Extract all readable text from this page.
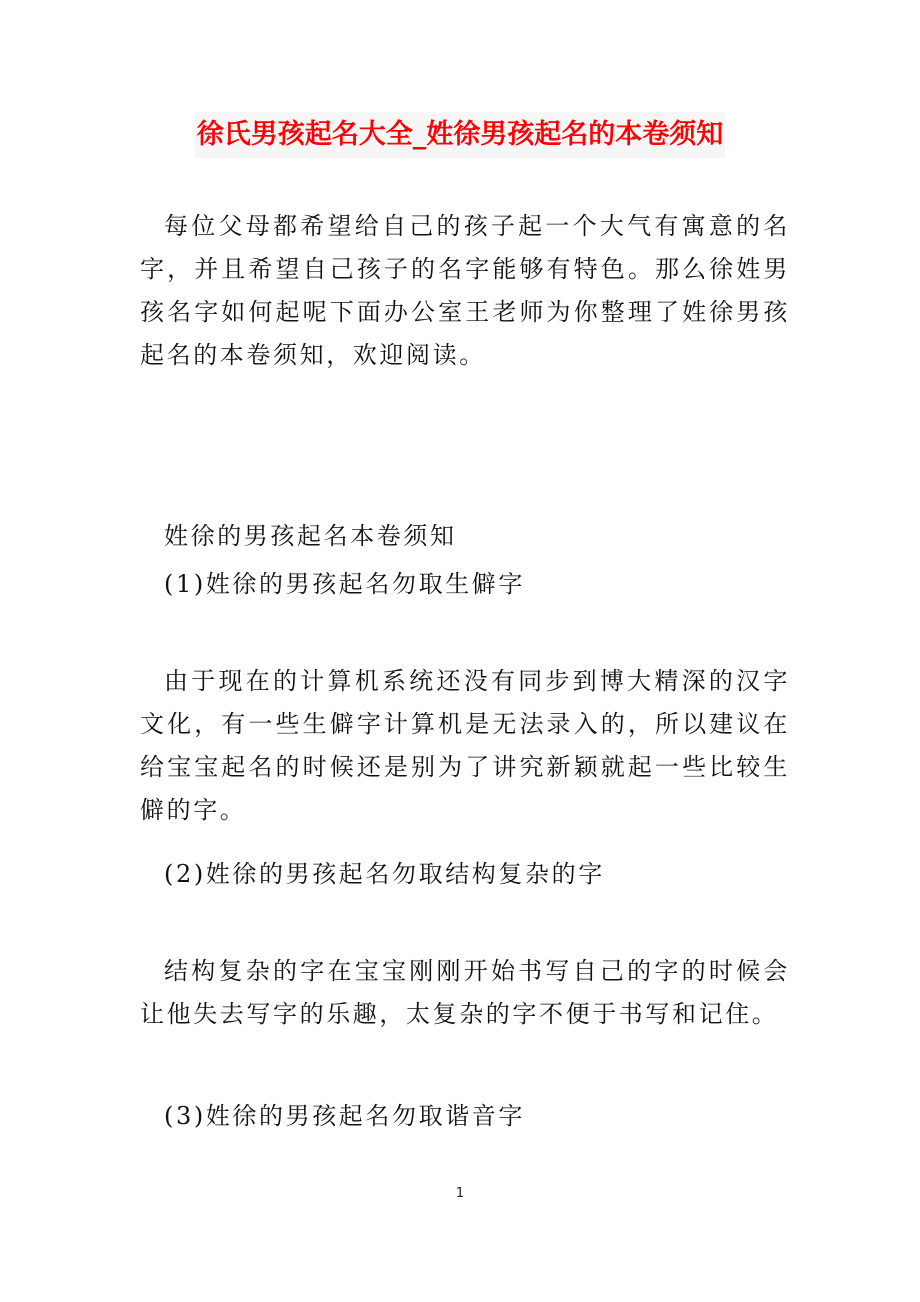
徐氏男孩起名大全_姓徐男孩起名的本卷须知

每位父母都希望给自己的孩子起一个大气有寓意的名字，并且希望自己孩子的名字能够有特色。那么徐姓男孩名字如何起呢下面办公室王老师为你整理了姓徐男孩起名的本卷须知，欢迎阅读。

姓徐的男孩起名本卷须知

(1)姓徐的男孩起名勿取生僻字

由于现在的计算机系统还没有同步到博大精深的汉字文化，有一些生僻字计算机是无法录入的，所以建议在给宝宝起名的时候还是别为了讲究新颖就起一些比较生僻的字。

(2)姓徐的男孩起名勿取结构复杂的字

结构复杂的字在宝宝刚刚开始书写自己的字的时候会让他失去写字的乐趣，太复杂的字不便于书写和记住。

(3)姓徐的男孩起名勿取谐音字

1
